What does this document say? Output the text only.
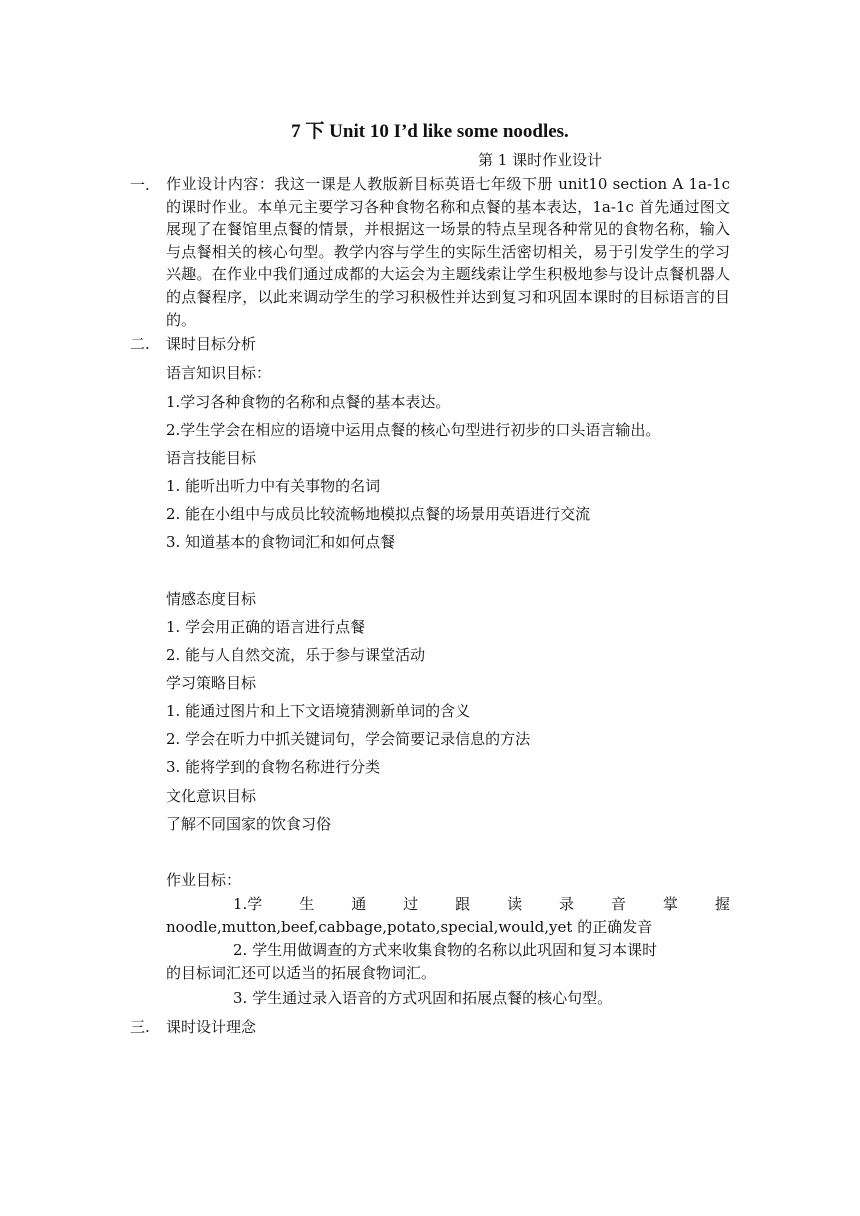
7 下 Unit 10 I’d like some noodles.
第 1 课时作业设计
一. 作业设计内容：我这一课是人教版新目标英语七年级下册 unit10 section A 1a-1c 的课时作业。本单元主要学习各种食物名称和点餐的基本表达，1a-1c 首先通过图文展现了在餐馆里点餐的情景，并根据这一场景的特点呈现各种常见的食物名称，输入与点餐相关的核心句型。教学内容与学生的实际生活密切相关，易于引发学生的学习兴趣。在作业中我们通过成都的大运会为主题线索让学生积极地参与设计点餐机器人的点餐程序，以此来调动学生的学习积极性并达到复习和巩固本课时的目标语言的目的。
二. 课时目标分析
语言知识目标：
1.学习各种食物的名称和点餐的基本表达。
2.学生学会在相应的语境中运用点餐的核心句型进行初步的口头语言输出。
语言技能目标
1. 能听出听力中有关事物的名词
2. 能在小组中与成员比较流畅地模拟点餐的场景用英语进行交流
3. 知道基本的食物词汇和如何点餐
情感态度目标
1. 学会用正确的语言进行点餐
2. 能与人自然交流，乐于参与课堂活动
学习策略目标
1. 能通过图片和上下文语境猜测新单词的含义
2. 学会在听力中抓关键词句，学会简要记录信息的方法
3. 能将学到的食物名称进行分类
文化意识目标
了解不同国家的饮食习俗
作业目标：
1.学 生 通 过 跟 读 录 音 掌 握
noodle,mutton,beef,cabbage,potato,special,would,yet 的正确发音
2. 学生用做调查的方式来收集食物的名称以此巩固和复习本课时
的目标词汇还可以适当的拓展食物词汇。
3. 学生通过录入语音的方式巩固和拓展点餐的核心句型。
三. 课时设计理念
